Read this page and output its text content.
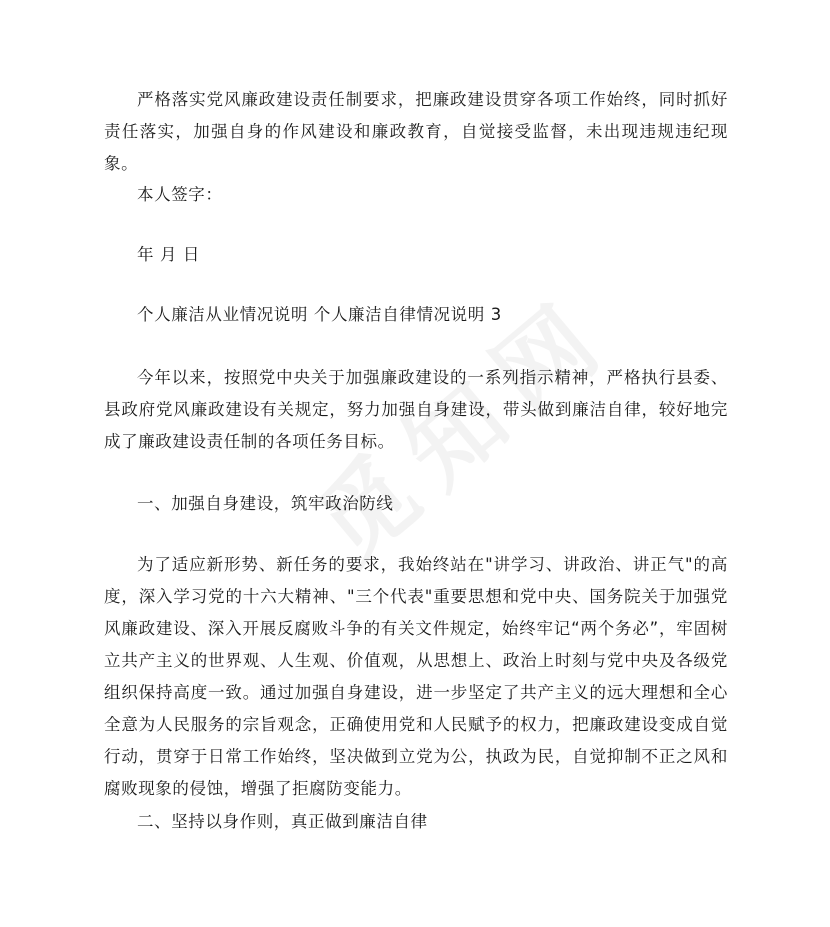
严格落实党风廉政建设责任制要求，把廉政建设贯穿各项工作始终，同时抓好责任落实，加强自身的作风建设和廉政教育，自觉接受监督，未出现违规违纪现象。

本人签字：

年 月 日

个人廉洁从业情况说明 个人廉洁自律情况说明 3

今年以来，按照党中央关于加强廉政建设的一系列指示精神，严格执行县委、县政府党风廉政建设有关规定，努力加强自身建设，带头做到廉洁自律，较好地完成了廉政建设责任制的各项任务目标。

一、加强自身建设，筑牢政治防线

为了适应新形势、新任务的要求，我始终站在"讲学习、讲政治、讲正气"的高度，深入学习党的十六大精神、"三个代表"重要思想和党中央、国务院关于加强党风廉政建设、深入开展反腐败斗争的有关文件规定，始终牢记“两个务必”，牢固树立共产主义的世界观、人生观、价值观，从思想上、政治上时刻与党中央及各级党组织保持高度一致。通过加强自身建设，进一步坚定了共产主义的远大理想和全心全意为人民服务的宗旨观念，正确使用党和人民赋予的权力，把廉政建设变成自觉行动，贯穿于日常工作始终，坚决做到立党为公，执政为民，自觉抑制不正之风和腐败现象的侵蚀，增强了拒腐防变能力。

二、坚持以身作则，真正做到廉洁自律
